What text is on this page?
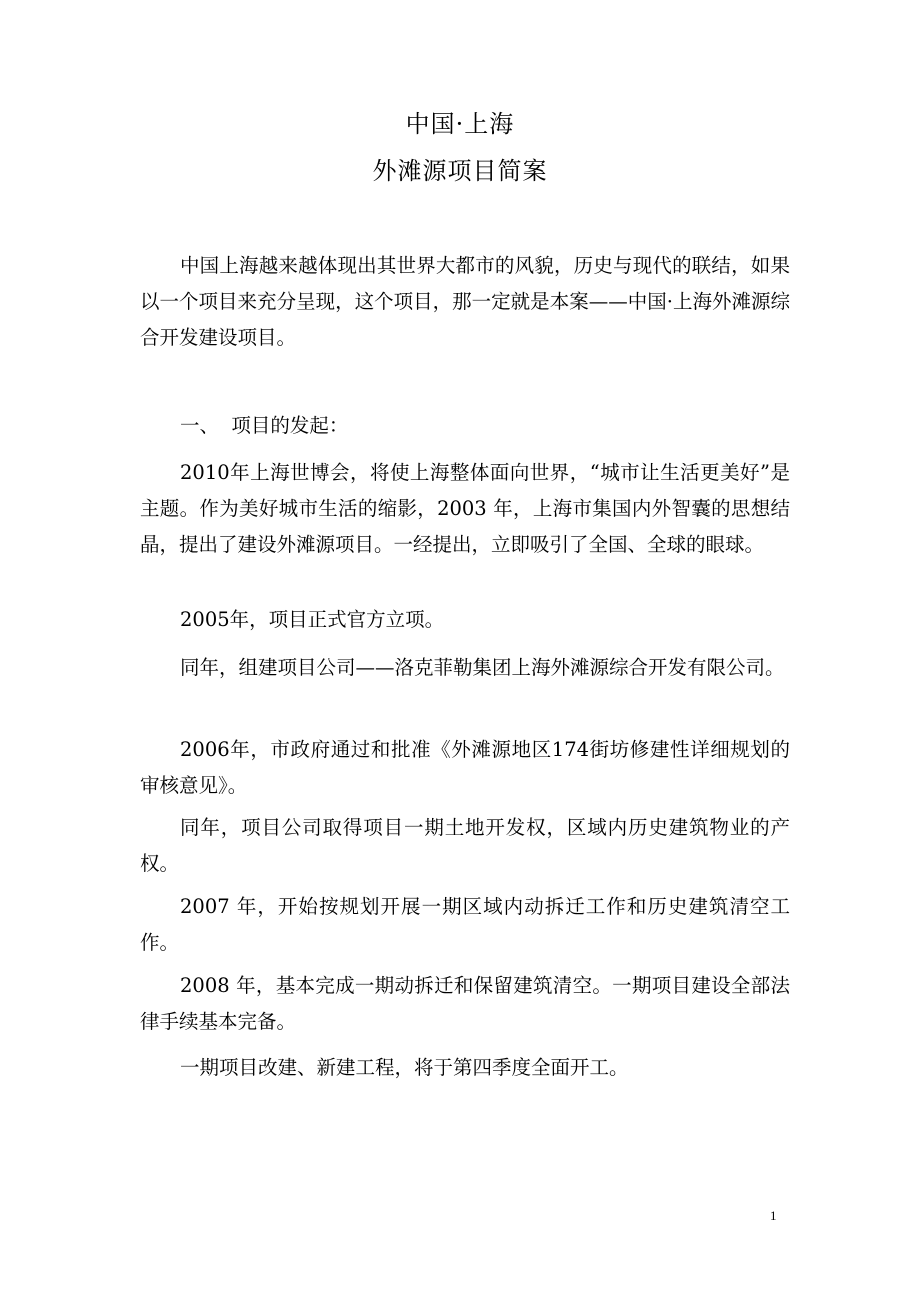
中国·上海
外滩源项目简案

中国上海越来越体现出其世界大都市的风貌，历史与现代的联结，如果以一个项目来充分呈现，这个项目，那一定就是本案——中国·上海外滩源综合开发建设项目。

一、  项目的发起：

2010年上海世博会，将使上海整体面向世界，“城市让生活更美好”是主题。作为美好城市生活的缩影，2003 年，上海市集国内外智囊的思想结晶，提出了建设外滩源项目。一经提出，立即吸引了全国、全球的眼球。

2005年，项目正式官方立项。

同年，组建项目公司——洛克菲勒集团上海外滩源综合开发有限公司。

2006年，市政府通过和批准《外滩源地区174街坊修建性详细规划的审核意见》。

同年，项目公司取得项目一期土地开发权，区域内历史建筑物业的产权。

2007 年，开始按规划开展一期区域内动拆迁工作和历史建筑清空工作。

2008 年，基本完成一期动拆迁和保留建筑清空。一期项目建设全部法律手续基本完备。

一期项目改建、新建工程，将于第四季度全面开工。

1
